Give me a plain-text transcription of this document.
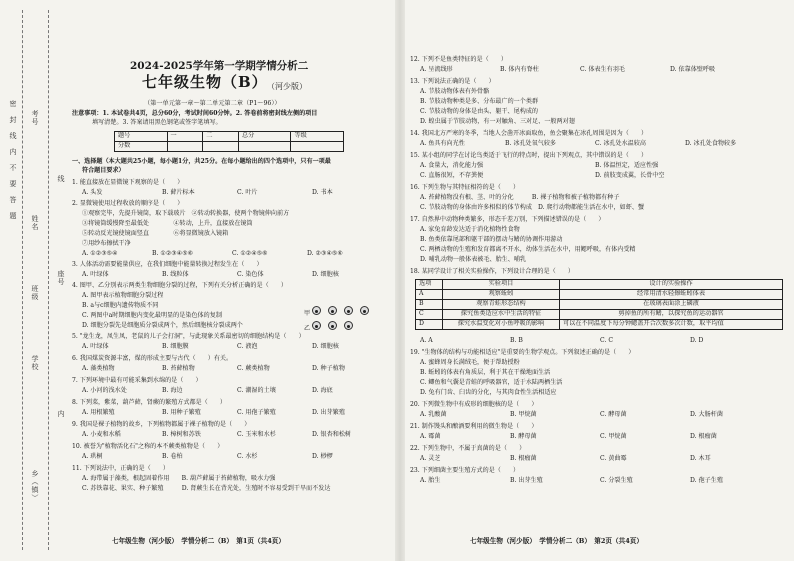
密　封　线　内　不　要　答　题
乡（镇）
学校
班级
姓名
考号
座号
内
线
2024-2025学年第一学期学情分析二
七年级生物（B） （河少版）
（第一单元第一章～第二单元第二章（P1～96））
注意事项：1. 本试卷共4页，总分60分，考试时间60分钟。2. 答卷前将密封线左侧的项目
填写清楚。3. 答案请用黑色钢笔或签字笔填写。
题号	一	二	总分	等级
分数				
一、选择题（本大题共25小题，每小题1分，共25分。在每小题给出的四个选项中，只有一项最
符合题目要求）
1. 能直接放在显微镜下观察的是（　　）
A. 头发	B. 藓片标本	C. 叶片	D. 书本
2. 显微镜使用过程收放的顺序是（　　）
①观察完毕，先提升镜筒，取下载玻片　②转动转换器，使两个物镜伸向前方
③将镜筒缓慢降至最低处　　　　④转动，上升，直接放在镜筒
⑤转动反光镜使镜面竖直　　　　⑥将显微镜放入镜箱
⑦用纱布擦拭干净
A. ①②③⑤④	B. ①②③④⑤⑥	C. ①②④⑤⑥	D. ②③④⑤⑥
3. 人体活动需要能量供应，在我们细胞中能量转换过程发生在（　　）
A. 叶绿体	B. 线粒体	C. 染色体	D. 细胞核
4. 图甲、乙分别表示两类生物细胞分裂的过程，下列有关分析正确的是（　　）
A. 图甲表示植物细胞分裂过程
B. a与c细胞内遗传物质不同
C. 两图中a时期细胞内变化最明显的是染色体的复制
D. 细胞分裂先是细胞质分裂成两个，然后细胞核分裂成两个
甲
乙
5. "龙生龙，凤生凤，老鼠的儿子会打洞"，与此现象关系最密切的细胞结构是（　　）
A. 叶绿体	B. 细胞膜	C. 液泡	D. 细胞核
6. 我国煤炭资源丰富，煤的形成主要与古代（　　）有关。
A. 藻类植物	B. 苔藓植物	C. 蕨类植物	D. 种子植物
7. 下列环境中最有可能采集到水绵的是（　　）
A. 小河的浅水处	B. 海边	C. 潮湿的土壤	D. 海底
8. 下列菜，紫菜，葫芦藓，肾蕨的繁殖方式都是（　　）
A. 用根繁殖	B. 用种子繁殖	C. 用孢子繁殖	D. 出芽繁殖
9. 我国是裸子植物的故乡，下列植物都属于裸子植物的是（　　）
A. 小麦和水稻	B. 樟树和苏铁	C. 玉米和水杉	D. 银杏和松树
10. 被誉为"植物活化石"之称的本不蕨类植物是（　　）
A. 珙桐	B. 卷柏	C. 水杉	D. 桫椤
11. 下列说法中，正确的是（　　）
A. 海带属于藻类，根起固着作用　　B. 葫芦藓属于苔藓植物，吸水力强
C. 苏铁靠花、果实、种子繁殖　　　D. 肾蕨生长在背光处，生殖时不容易受到干旱而不发达
七年级生物（河少版）　学情分析二（B）　第1页（共4页）
12. 下列不是鱼类特征的是（　　）
A. 呈流线形	B. 体内有脊柱	C. 体表生有羽毛	D. 依靠体壁呼吸
13. 下列说法正确的是（　　）
A. 节肢动物体表有外骨骼
B. 节肢动物种类是多、分布最广的一个类群
C. 节肢动物的身体是由头、躯干、尾构成的
D. 蝗虫属于节肢动物，有一对触角、三对足、一般两对翅
14. 我国北方严寒的冬季，当地人会凿开冰面取鱼，鱼会聚集在冰孔周围是因为（　　）
A. 鱼具有向光性	B. 冰孔处氧气较多	C. 冰孔处水温较高	D. 冰孔处食物较多
15. 某小组的同学在讨论鸟类适于飞行的特点时，提出下列观点，其中错误的是（　　）
A. 食量大，消化能力强	B. 体温恒定，适应性强
C. 直肠很短，不存粪便	D. 前肢变成翼，长骨中空
16. 下列生物与其特征相符的是（　　）
A. 苔藓植物没有根、茎、叶的分化　　　B. 裸子植物和被子植物都有种子
C. 节肢动物的身体由许多相似的体节构成　D. 爬行动物都能生活在水中，如虾、蟹
17. 自然界中动物种类繁多，形态千差万别，下列描述错误的是（　　）
A. 家兔育龄发达适于消化植物性食物
B. 鱼类依靠尾部和躯干部的摆动与鳍的协调作用游动
C. 两栖动物的生殖和发育都离不开水，幼体生活在水中，用鳃呼吸，有体内受精
D. 哺乳动物一般体表被毛、胎生、哺乳
18. 某同学设计了相关实验操作，下列设计合理的是（　　）
选项	实验项目	设计的实验操作
A	观察蚯蚓	经常用清水轻擦蚯蚓体表
B	观察青蛙形态结构	在玻璃表面涂上磷液
C	探究鱼类适应水中生活的特征	剪掉鱼的所有鳍，以探究鱼的运动器官
D	探究水温变化对小鱼呼吸的影响	可以在不同温度下每分钟鳃盖开合次数多次计数，取平均值
A. A	B. B	C. C	D. D
19. "生物体的结构与功能相适应"是重要的生物学观点。下列叙述正确的是（　　）
A. 蜜蜂周身长满绒毛，便于帮助授粉
B. 蚯蚓的体表有角质层，利于其在干燥地面生活
C. 鲫鱼和气囊是青蛙的呼吸器官，适于水陆两栖生活
D. 兔有门齿、臼齿的分化，与其肉食性生活相适应
20. 下列微生物中有成形的细胞核的是（　　）
A. 乳酸菌	B. 甲烷菌	C. 酵母菌	D. 大肠杆菌
21. 制作馒头和酿酒要利用的微生物是（　　）
A. 霉菌	B. 酵母菌	C. 甲烷菌	D. 根瘤菌
22. 下列生物中，不属于真菌的是（　　）
A. 灵芝	B. 根瘤菌	C. 黄曲霉	D. 木耳
23. 下列细菌主要生殖方式的是（　　）
A. 胎生	B. 出芽生殖	C. 分裂生殖	D. 孢子生殖
七年级生物（河少版）　学情分析二（B）　第2页（共4页）
